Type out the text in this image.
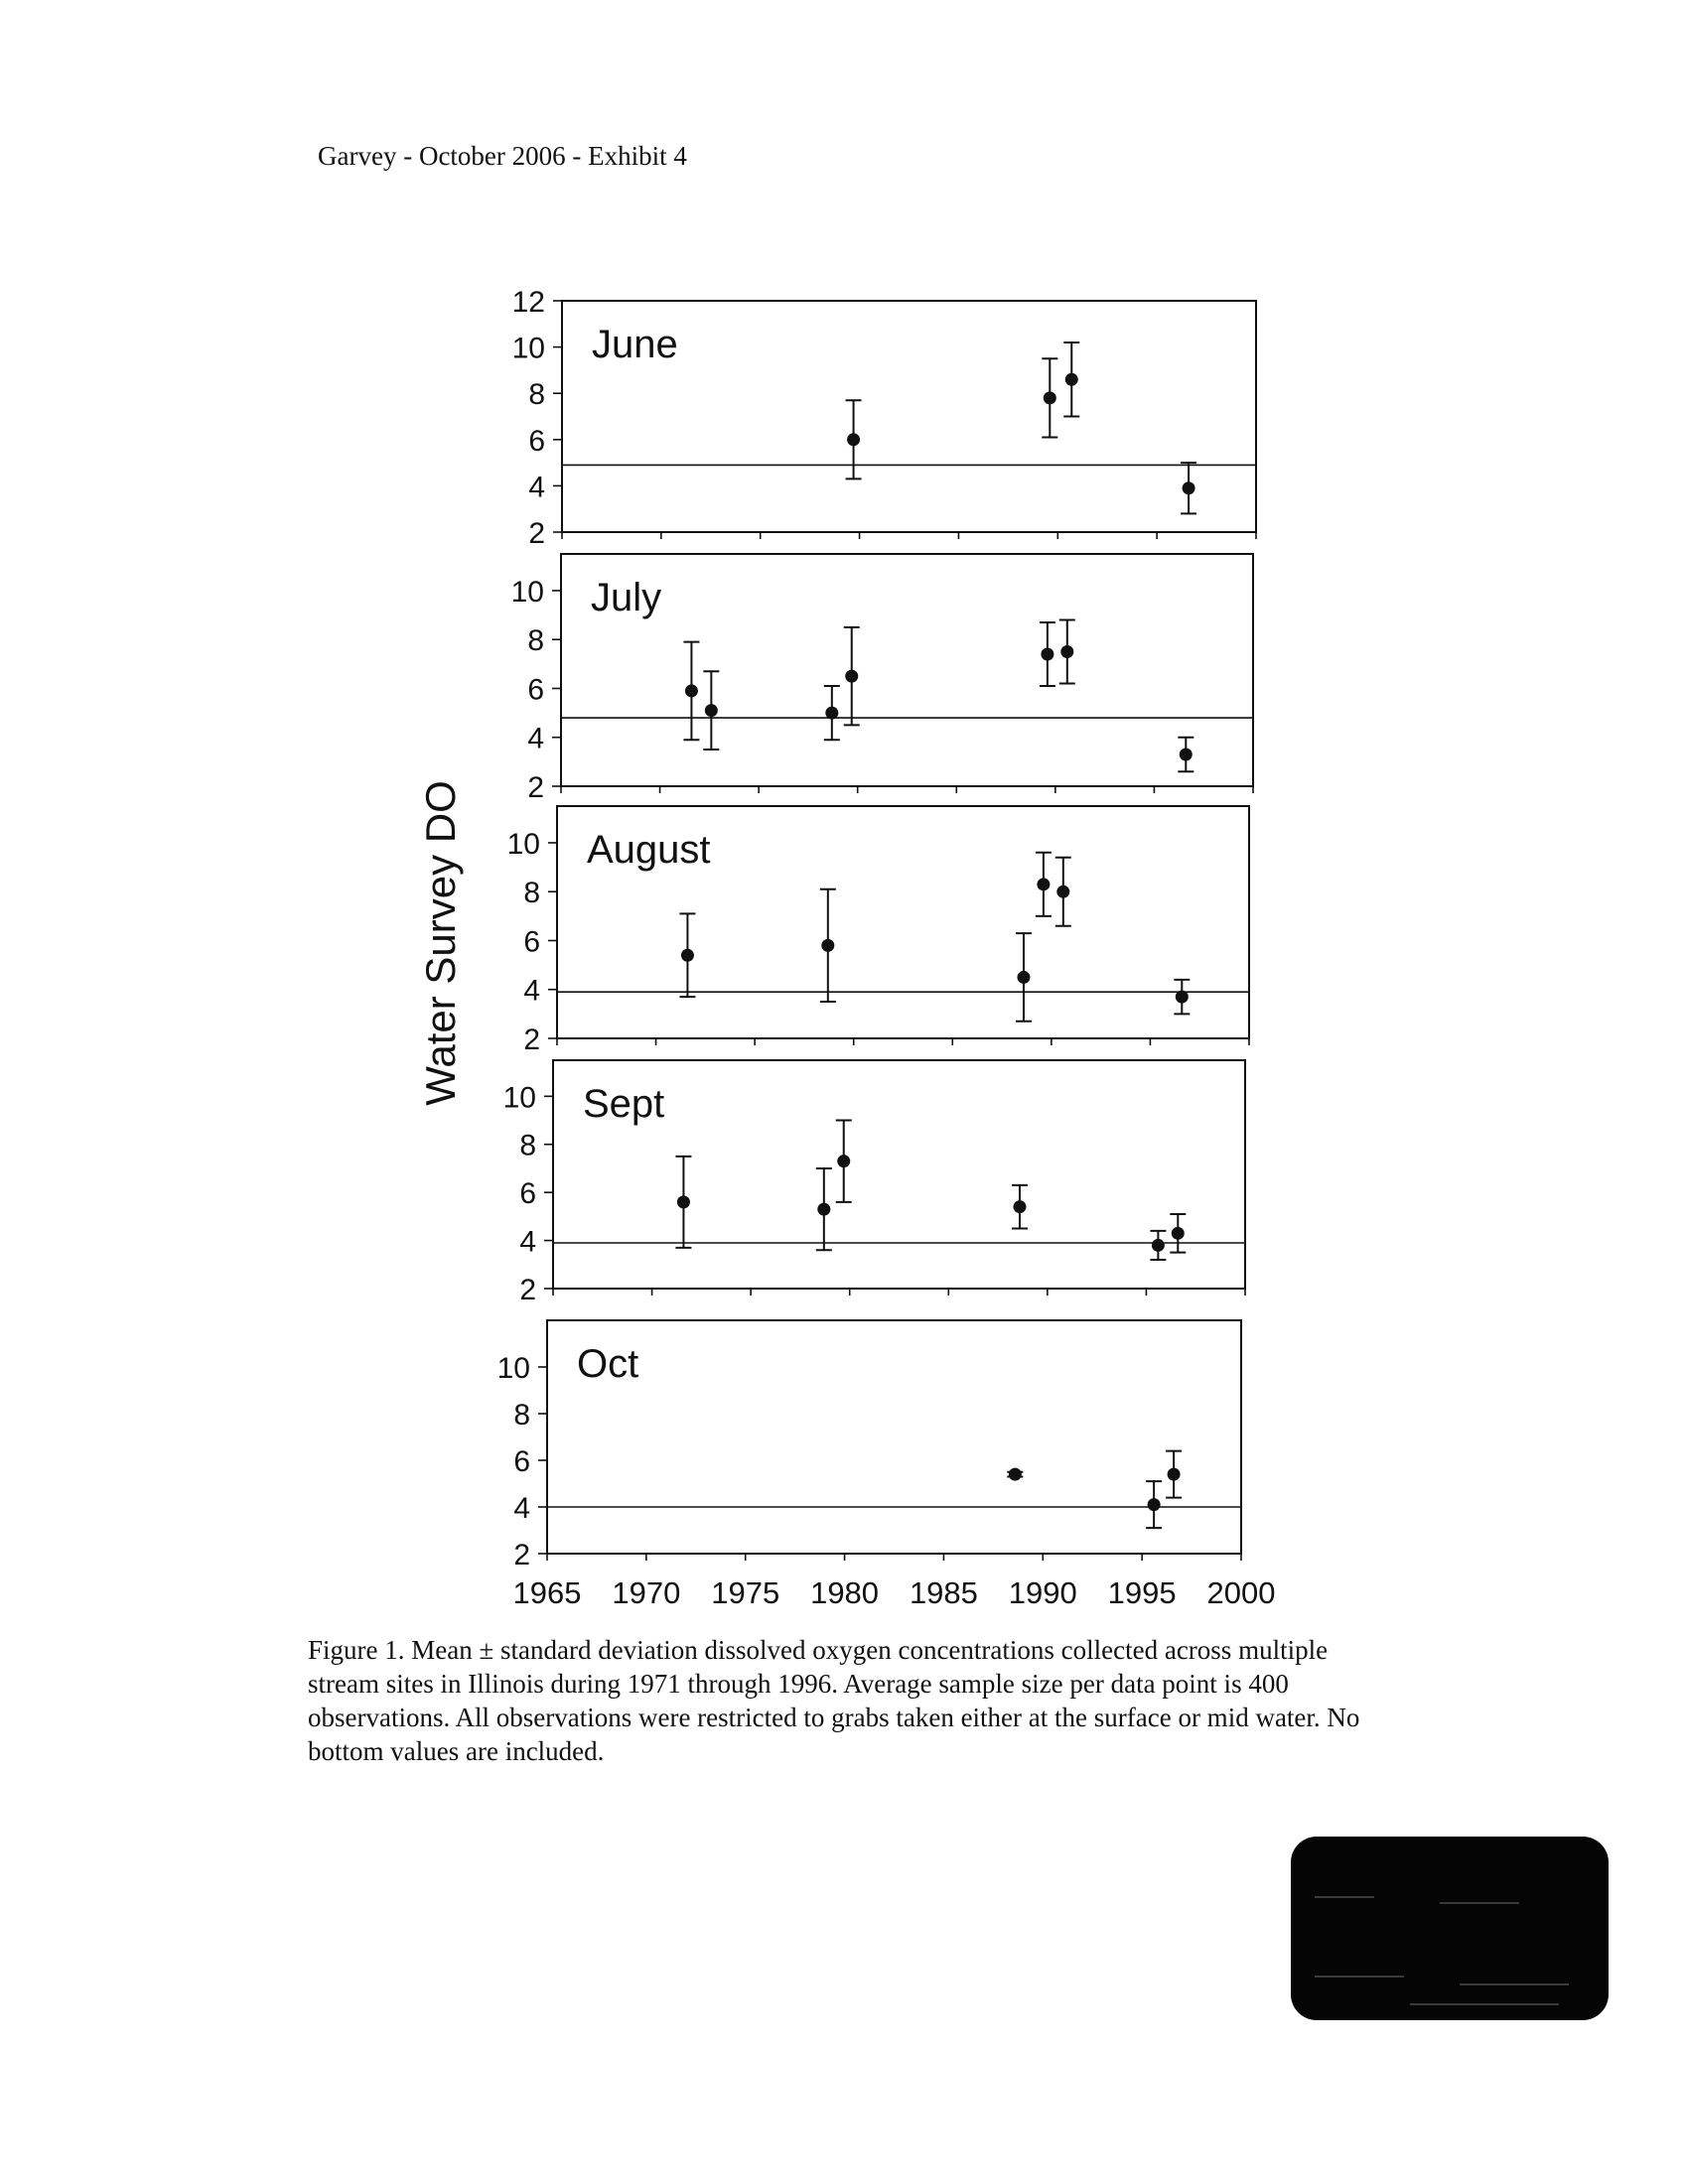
Garvey - October 2006 - Exhibit 4
2
4
6
8
10
12
June
2
4
6
8
10 July
2
4
6
8
10 August
2
4
6
8
10 Sept
2
4
6
8
10 Oct
1965 1970 1975 1980 1985 1990 1995 2000
Water Survey DO
Figure 1. Mean ± standard deviation dissolved oxygen concentrations collected across multiple stream sites in Illinois during 1971 through 1996. Average sample size per data point is 400 observations. All observations were restricted to grabs taken either at the surface or mid water. No bottom values are included.
